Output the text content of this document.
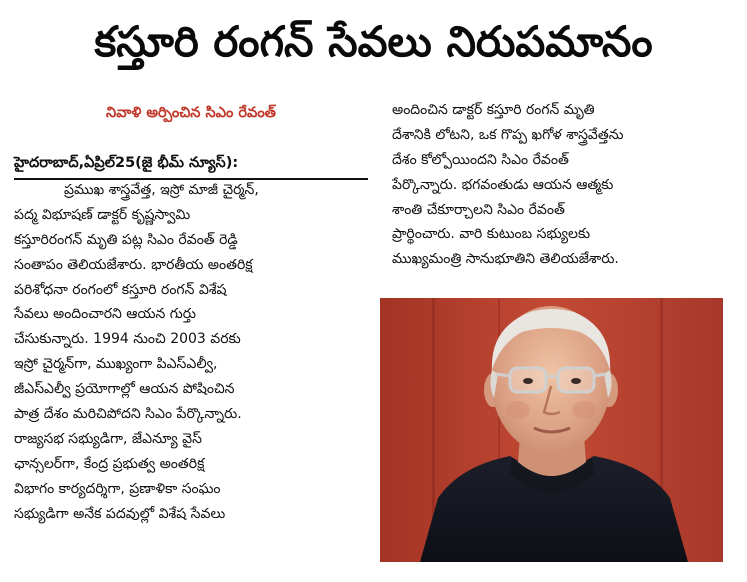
కస్తూరి రంగన్ సేవలు నిరుపమానం
నివాళి అర్పించిన సిఎం రేవంత్
హైదరాబాద్,ఏప్రిల్25(జై భీమ్ న్యూస్):
ప్రముఖ శాస్త్రవేత్త, ఇస్రో మాజీ చైర్మన్,
పద్మ విభూషణ్ డాక్టర్ కృష్ణస్వామి
కస్తూరిరంగన్ మృతి పట్ల సిఎం రేవంత్ రెడ్డి
సంతాపం తెలియజేశారు. భారతీయ అంతరిక్ష
పరిశోధనా రంగంలో కస్తూరి రంగన్ విశేష
సేవలు అందించారని ఆయన గుర్తు
చేసుకున్నారు. 1994 నుంచి 2003 వరకు
ఇస్రో చైర్మన్‌గా, ముఖ్యంగా పిఎస్ఎల్వీ,
జీఎస్ఎల్వీ ప్రయోగాల్లో ఆయన పోషించిన
పాత్ర దేశం మరిచిపోదని సిఎం పేర్కొన్నారు.
రాజ్యసభ సభ్యుడిగా, జేఎన్యూ వైస్
ఛాన్సలర్‌గా, కేంద్ర ప్రభుత్వ అంతరిక్ష
విభాగం కార్యదర్శిగా, ప్రణాళికా సంఘం
సభ్యుడిగా అనేక పదవుల్లో విశేష సేవలు
అందించిన డాక్టర్ కస్తూరి రంగన్ మృతి
దేశానికి లోటని, ఒక గొప్ప ఖగోళ శాస్త్రవేత్తను
దేశం కోల్పోయిందని సిఎం రేవంత్
పేర్కొన్నారు. భగవంతుడు ఆయన ఆత్మకు
శాంతి చేకూర్చాలని సిఎం రేవంత్
ప్రార్థించారు. వారి కుటుంబ సభ్యులకు
ముఖ్యమంత్రి సానుభూతిని తెలియజేశారు.
